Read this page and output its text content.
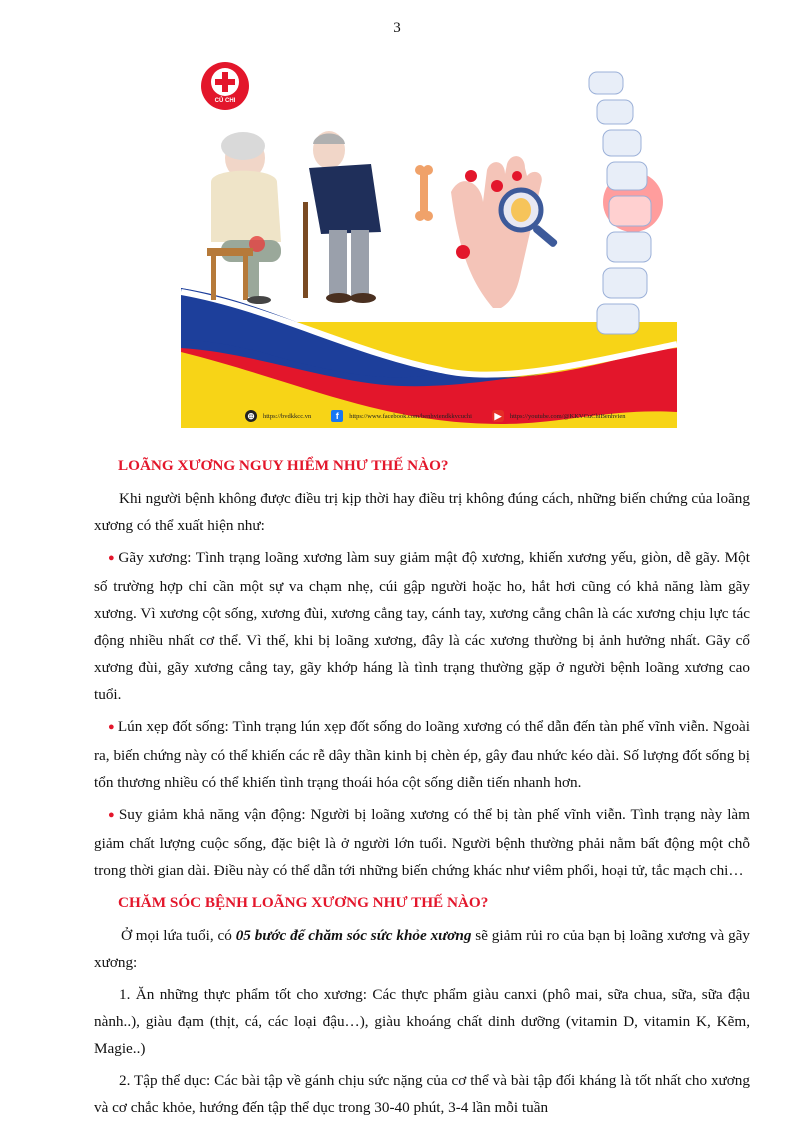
3
CỦ CHI
⊕	https://bvdkkcc.vn	f	https://www.facebook.com/benhviendkkvcuchi	▶	https://youtube.com/@KKVCuChiBenhvien
LOÃNG XƯƠNG NGUY HIỂM NHƯ THẾ NÀO?

Khi người bệnh không được điều trị kịp thời hay điều trị không đúng cách, những biến chứng của loãng xương có thể xuất hiện như:

● Gãy xương: Tình trạng loãng xương làm suy giảm mật độ xương, khiến xương yếu, giòn, dễ gãy. Một số trường hợp chỉ cần một sự va chạm nhẹ, cúi gập người hoặc ho, hắt hơi cũng có khả năng làm gãy xương. Vì xương cột sống, xương đùi, xương cẳng tay, cánh tay, xương cẳng chân là các xương chịu lực tác động nhiều nhất cơ thể. Vì thế, khi bị loãng xương, đây là các xương thường bị ảnh hưởng nhất. Gãy cổ xương đùi, gãy xương cẳng tay, gãy khớp háng là tình trạng thường gặp ở người bệnh loãng xương cao tuổi.

● Lún xẹp đốt sống: Tình trạng lún xẹp đốt sống do loãng xương có thể dẫn đến tàn phế vĩnh viễn. Ngoài ra, biến chứng này có thể khiến các rễ dây thần kinh bị chèn ép, gây đau nhức kéo dài. Số lượng đốt sống bị tổn thương nhiều có thể khiến tình trạng thoái hóa cột sống diễn tiến nhanh hơn.

● Suy giảm khả năng vận động: Người bị loãng xương có thể bị tàn phế vĩnh viễn. Tình trạng này làm giảm chất lượng cuộc sống, đặc biệt là ở người lớn tuổi. Người bệnh thường phải nằm bất động một chỗ trong thời gian dài. Điều này có thể dẫn tới những biến chứng khác như viêm phổi, hoại tử, tắc mạch chi…

CHĂM SÓC BỆNH LOÃNG XƯƠNG NHƯ THẾ NÀO?

Ở mọi lứa tuổi, có 05 bước để chăm sóc sức khỏe xương sẽ giảm rủi ro của bạn bị loãng xương và gãy xương:

1. Ăn những thực phẩm tốt cho xương: Các thực phẩm giàu canxi (phô mai, sữa chua, sữa, sữa đậu nành..), giàu đạm (thịt, cá, các loại đậu…), giàu khoáng chất dinh dưỡng (vitamin D, vitamin K, Kẽm, Magie..)

2. Tập thể dục: Các bài tập về gánh chịu sức nặng của cơ thể và bài tập đối kháng là tốt nhất cho xương và cơ chắc khỏe, hướng đến tập thể dục trong 30-40 phút, 3-4 lần mỗi tuần
